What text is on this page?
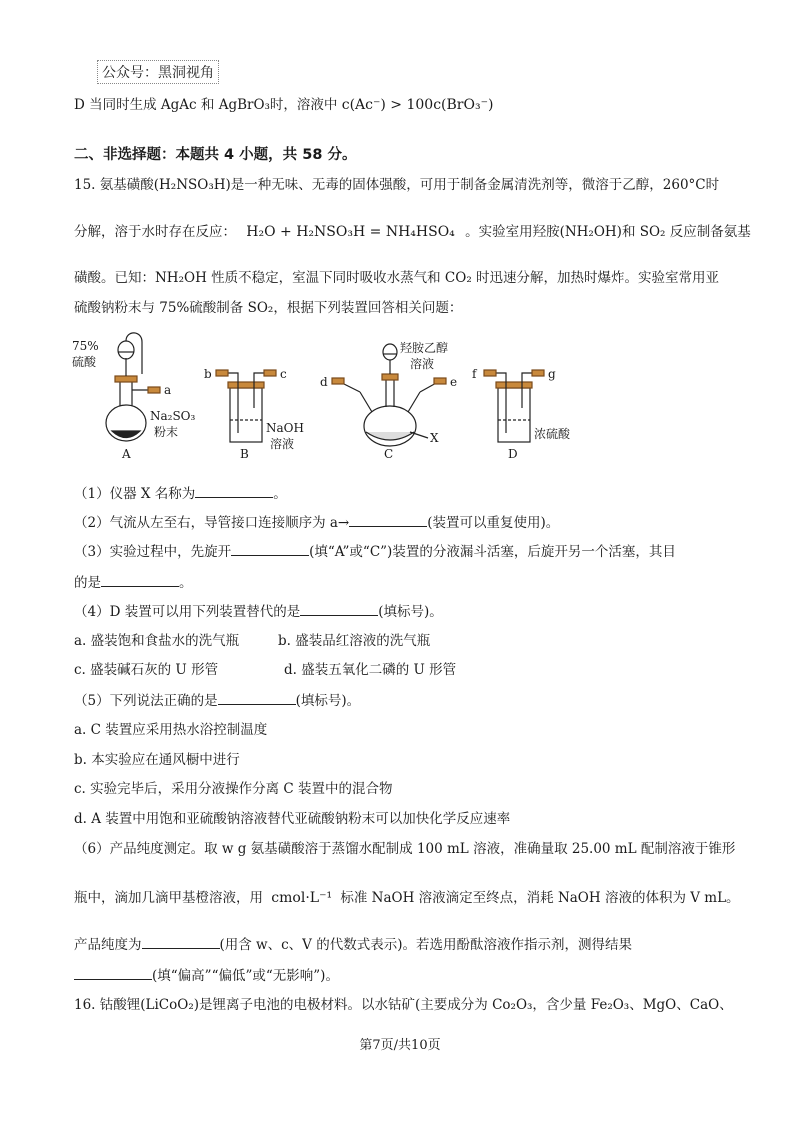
公众号：黑洞视角
D 当同时生成 AgAc 和 AgBrO₃时，溶液中 c(Ac⁻) > 100c(BrO₃⁻)
二、非选择题：本题共 4 小题，共 58 分。
15. 氨基磺酸(H₂NSO₃H)是一种无味、无毒的固体强酸，可用于制备金属清洗剂等，微溶于乙醇，260°C时
分解，溶于水时存在反应： H₂O + H₂NSO₃H = NH₄HSO₄ 。实验室用羟胺(NH₂OH)和 SO₂ 反应制备氨基
磺酸。已知：NH₂OH 性质不稳定，室温下同时吸收水蒸气和 CO₂ 时迅速分解，加热时爆炸。实验室常用亚
硫酸钠粉末与 75%硫酸制备 SO₂，根据下列装置回答相关问题：
75%
硫酸
a
Na₂SO₃
粉末
A
b	c
NaOH
溶液
B
d	e
羟胺乙醇
溶液
X
C
f	g
浓硫酸
D
（1）仪器 X 名称为	。
（2）气流从左至右，导管接口连接顺序为 a→	(装置可以重复使用)。
（3）实验过程中，先旋开	(填“A”或“C”)装置的分液漏斗活塞，后旋开另一个活塞，其目
的是	。
（4）D 装置可以用下列装置替代的是	(填标号)。
a. 盛装饱和食盐水的洗气瓶	b. 盛装品红溶液的洗气瓶
c. 盛装碱石灰的 U 形管	d. 盛装五氧化二磷的 U 形管
（5）下列说法正确的是	(填标号)。
a. C 装置应采用热水浴控制温度
b. 本实验应在通风橱中进行
c. 实验完毕后，采用分液操作分离 C 装置中的混合物
d. A 装置中用饱和亚硫酸钠溶液替代亚硫酸钠粉末可以加快化学反应速率
（6）产品纯度测定。取 w g 氨基磺酸溶于蒸馏水配制成 100 mL 溶液，准确量取 25.00 mL 配制溶液于锥形
瓶中，滴加几滴甲基橙溶液，用 cmol·L⁻¹ 标准 NaOH 溶液滴定至终点，消耗 NaOH 溶液的体积为 V mL。
产品纯度为	(用含 w、c、V 的代数式表示)。若选用酚酞溶液作指示剂，测得结果
(填“偏高”“偏低”或“无影响”)。
16. 钴酸锂(LiCoO₂)是锂离子电池的电极材料。以水钴矿(主要成分为 Co₂O₃，含少量 Fe₂O₃、MgO、CaO、
第7页/共10页
